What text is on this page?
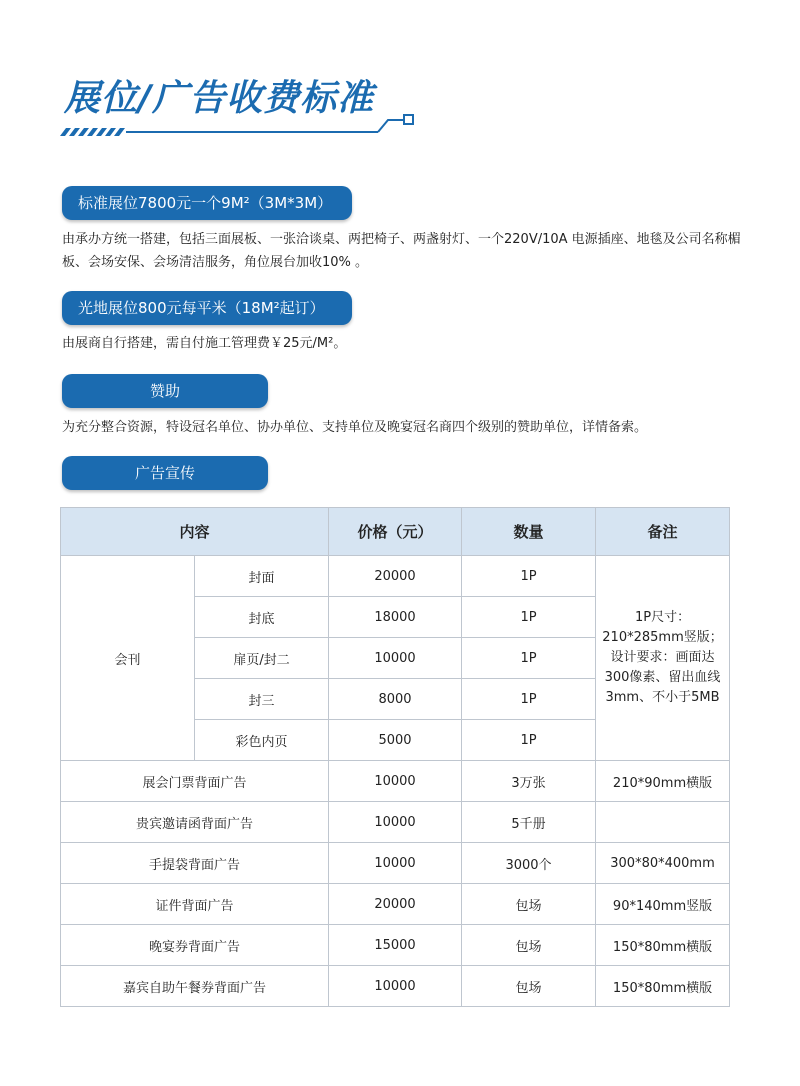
展位/广告收费标准
标准展位7800元一个9M²（3M*3M）

由承办方统一搭建，包括三面展板、一张洽谈桌、两把椅子、两盏射灯、一个220V/10A 电源插座、地毯及公司名称楣板、会场安保、会场清洁服务，角位展台加收10% 。

光地展位800元每平米（18M²起订）

由展商自行搭建，需自付施工管理费￥25元/M²。

赞助

为充分整合资源，特设冠名单位、协办单位、支持单位及晚宴冠名商四个级别的赞助单位，详情备索。

广告宣传
内容		价格（元）	数量	备注
会刊	封面	20000	1P	1P尺寸：
210*285mm竖版；
设计要求：画面达
300像素、留出血线
3mm、不小于5MB

	封底	18000	1P	
	扉页/封二	10000	1P	
	封三	8000	1P	
	彩色内页	5000	1P	
展会门票背面广告		10000	3万张	210*90mm横版
贵宾邀请函背面广告		10000	5千册	
手提袋背面广告		10000	3000个	300*80*400mm
证件背面广告		20000	包场	90*140mm竖版
晚宴券背面广告		15000	包场	150*80mm横版
嘉宾自助午餐券背面广告		10000	包场	150*80mm横版
